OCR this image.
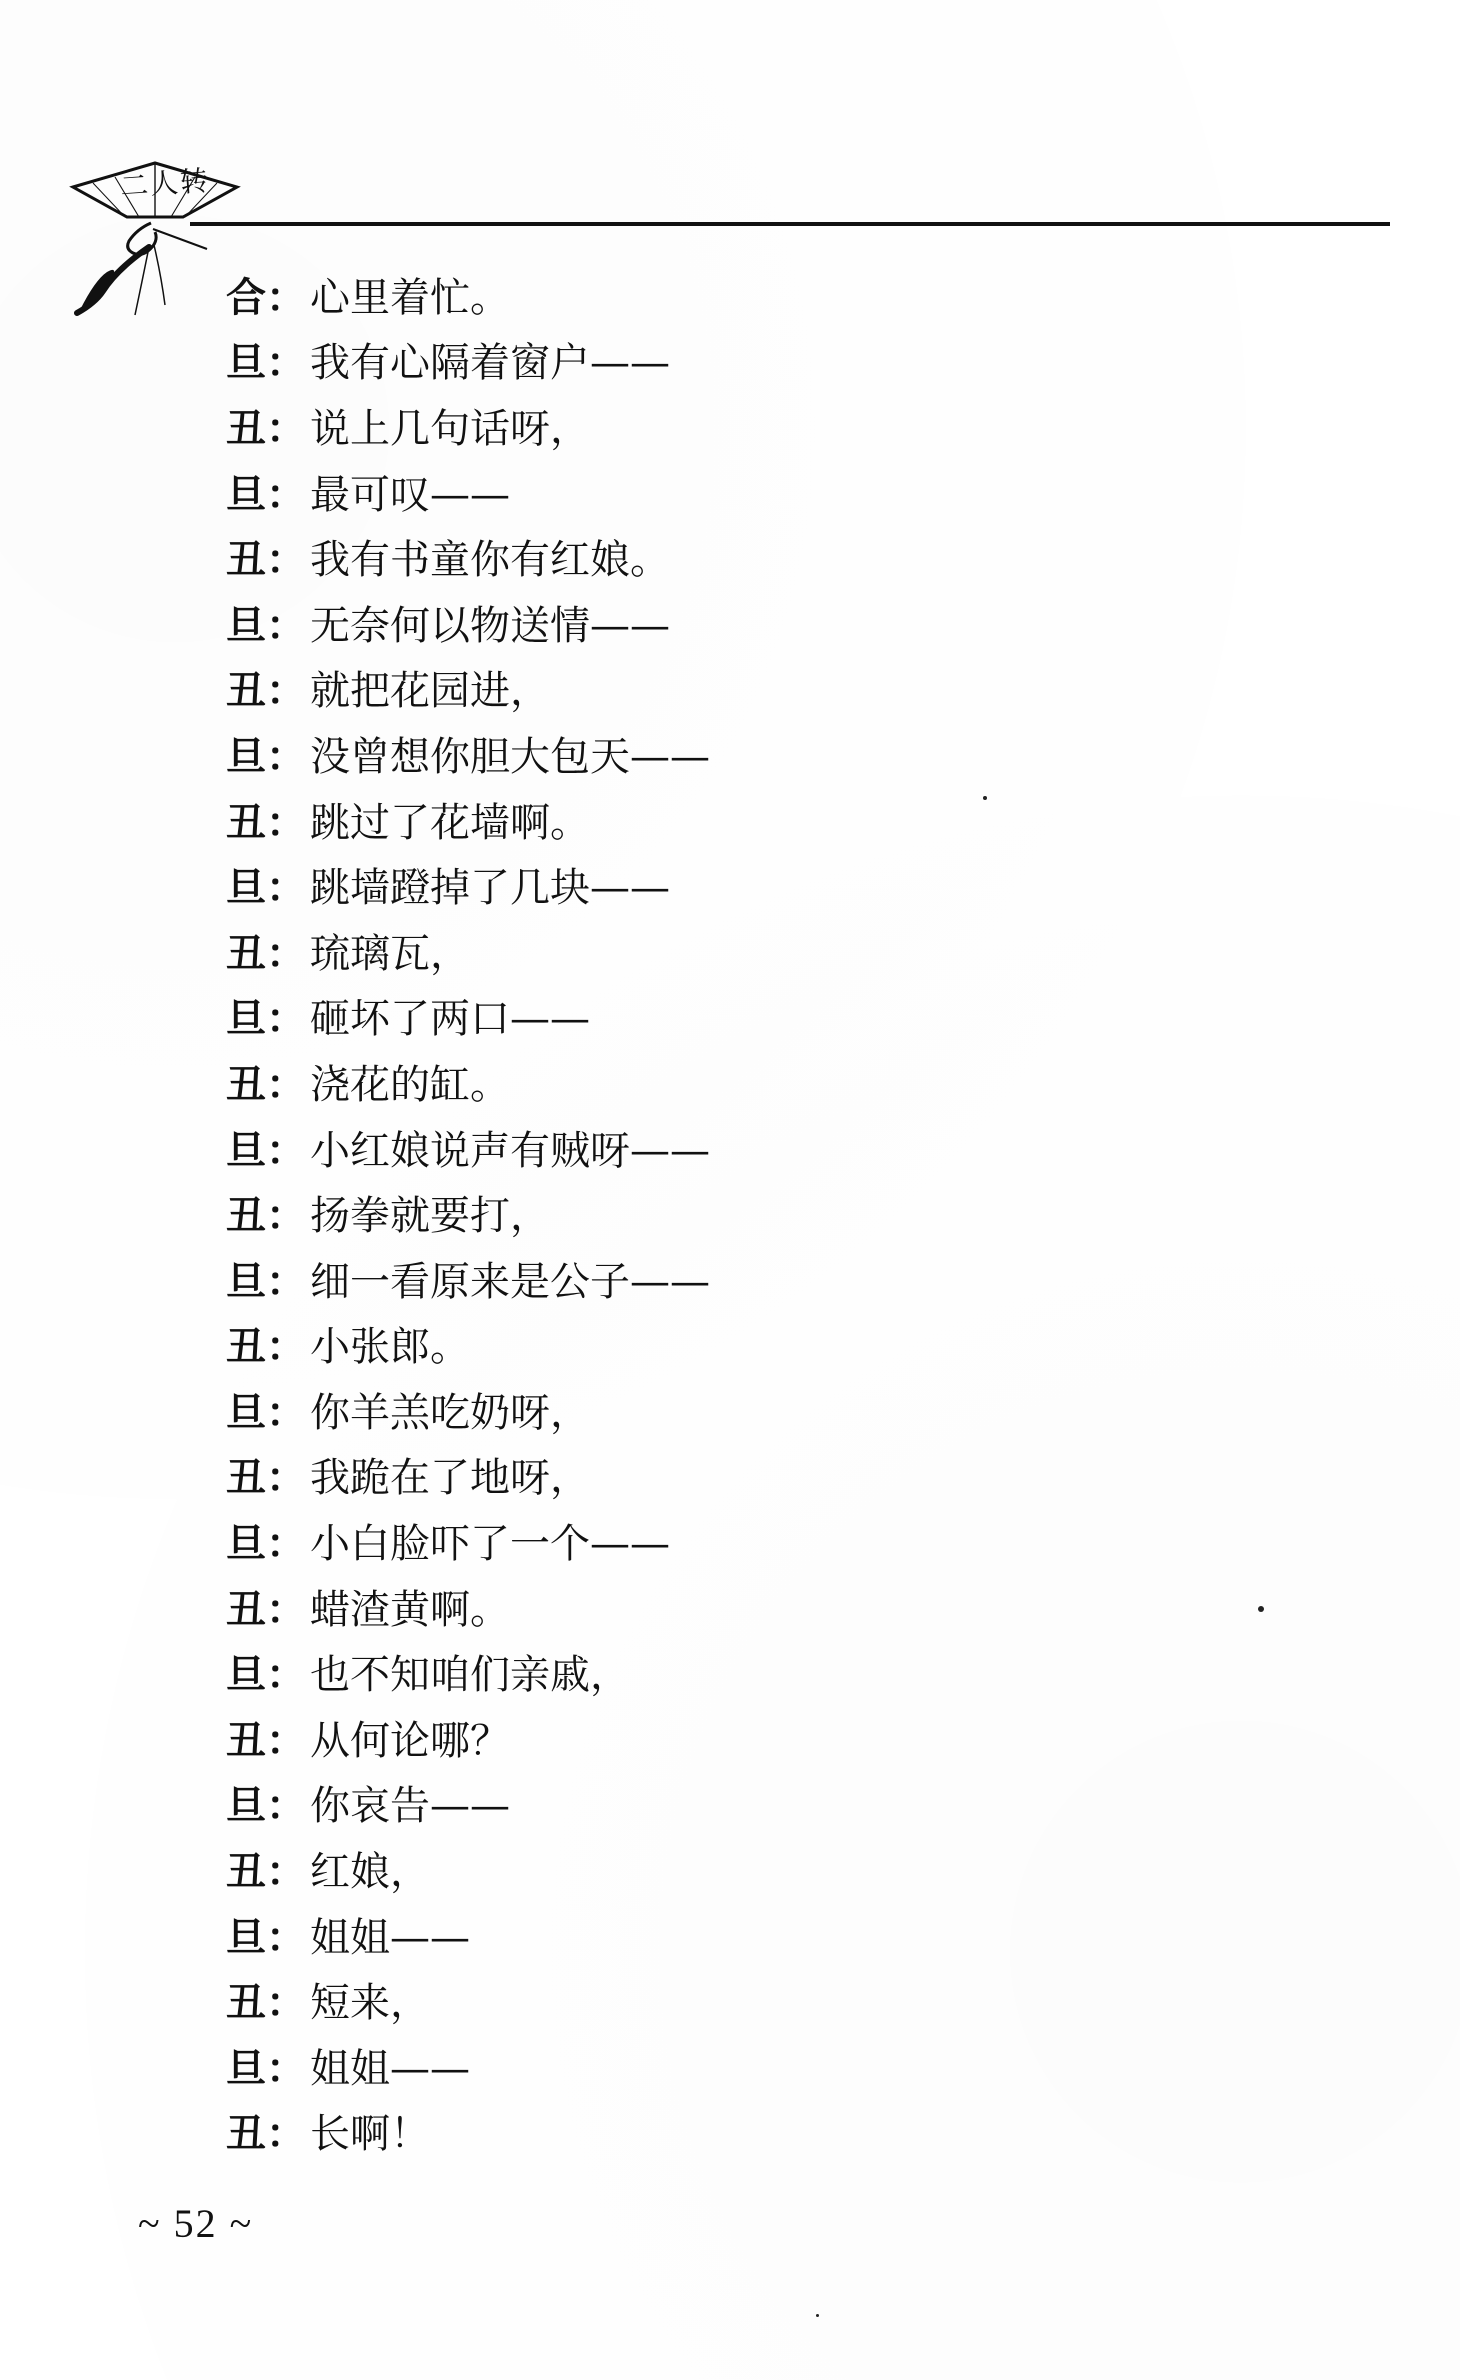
二人转
合： 心里着忙。
旦： 我有心隔着窗户——
丑： 说上几句话呀，
旦： 最可叹——
丑： 我有书童你有红娘。
旦： 无奈何以物送情——
丑： 就把花园进，
旦： 没曾想你胆大包天——
丑： 跳过了花墙啊。
旦： 跳墙蹬掉了几块——
丑： 琉璃瓦，
旦： 砸坏了两口——
丑： 浇花的缸。
旦： 小红娘说声有贼呀——
丑： 扬拳就要打，
旦： 细一看原来是公子——
丑： 小张郎。
旦： 你羊羔吃奶呀，
丑： 我跪在了地呀，
旦： 小白脸吓了一个——
丑： 蜡渣黄啊。
旦： 也不知咱们亲戚，
丑： 从何论哪？
旦： 你哀告——
丑： 红娘，
旦： 姐姐——
丑： 短来，
旦： 姐姐——
丑： 长啊！
~ 52 ~
